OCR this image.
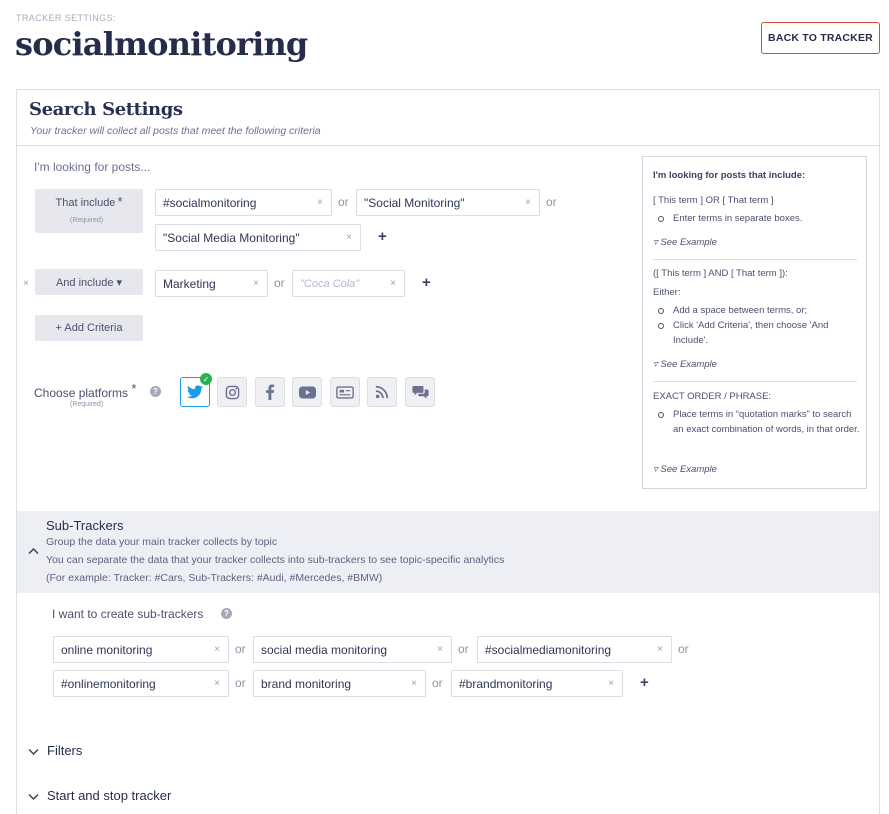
TRACKER SETTINGS:
socialmonitoring	BACK TO TRACKER
Search Settings
Your tracker will collect all posts that meet the following criteria
I'm looking for posts...
That include *
(Required)
#socialmonitoring	× or "Social Monitoring"	× or
"Social Media Monitoring"	× +
×	And include ▾	Marketing	× or "Coca Cola"	× +
+ Add Criteria
Choose platforms *	?
(Required)
✓
I'm looking for posts that include:
[ This term ] OR [ That term ]
Enter terms in separate boxes.
▿ See Example
([ This term ] AND [ That term ]):
Either:
Add a space between terms, or;
Click 'Add Criteria', then choose 'And Include'.
▿ See Example
EXACT ORDER / PHRASE:
Place terms in “quotation marks” to search an exact combination of words, in that order.
▿ See Example
Sub-Trackers
Group the data your main tracker collects by topic
You can separate the data that your tracker collects into sub-trackers to see topic-specific analytics
(For example: Tracker: #Cars, Sub-Trackers: #Audi, #Mercedes, #BMW)
I want to create sub-trackers	?
online monitoring	× or social media monitoring	× or #socialmediamonitoring	× or
#onlinemonitoring	× or brand monitoring	× or #brandmonitoring	× +
Filters
Start and stop tracker
